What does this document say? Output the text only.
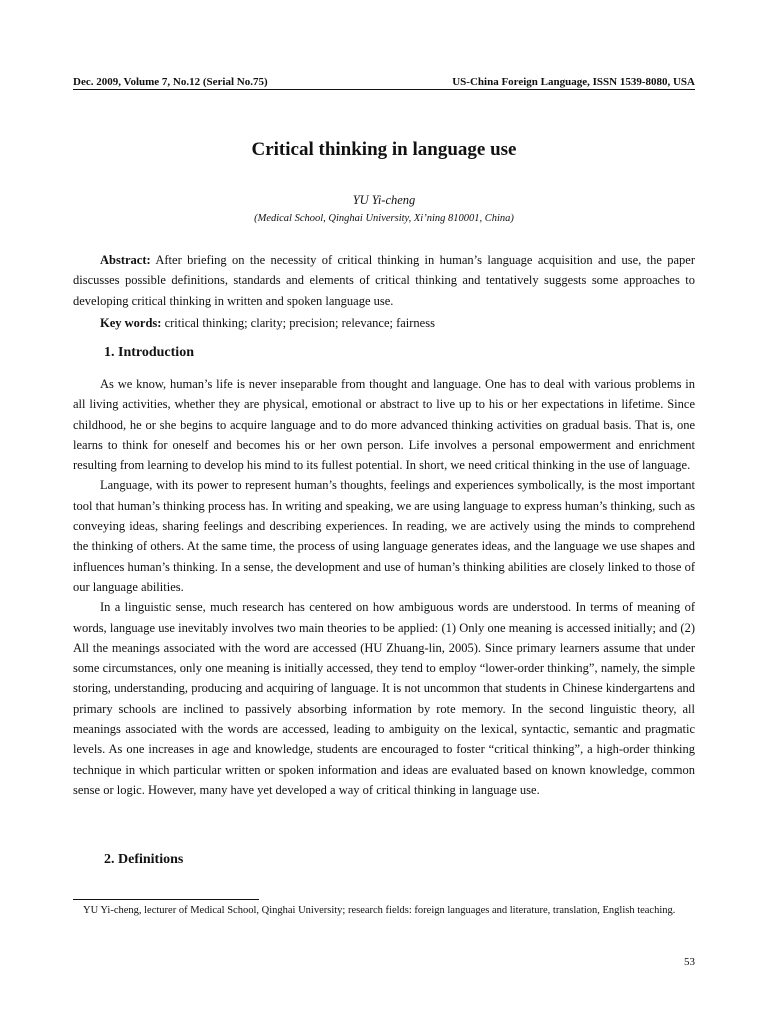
Dec. 2009, Volume 7, No.12 (Serial No.75)	US-China Foreign Language, ISSN 1539-8080, USA
Critical thinking in language use
YU Yi-cheng
(Medical School, Qinghai University, Xi’ning 810001, China)

Abstract: After briefing on the necessity of critical thinking in human’s language acquisition and use, the paper discusses possible definitions, standards and elements of critical thinking and tentatively suggests some approaches to developing critical thinking in written and spoken language use.

Key words: critical thinking; clarity; precision; relevance; fairness
1. Introduction

As we know, human’s life is never inseparable from thought and language. One has to deal with various problems in all living activities, whether they are physical, emotional or abstract to live up to his or her expectations in lifetime. Since childhood, he or she begins to acquire language and to do more advanced thinking activities on gradual basis. That is, one learns to think for oneself and becomes his or her own person. Life involves a personal empowerment and enrichment resulting from learning to develop his mind to its fullest potential. In short, we need critical thinking in the use of language.

Language, with its power to represent human’s thoughts, feelings and experiences symbolically, is the most important tool that human’s thinking process has. In writing and speaking, we are using language to express human’s thinking, such as conveying ideas, sharing feelings and describing experiences. In reading, we are actively using the minds to comprehend the thinking of others. At the same time, the process of using language generates ideas, and the language we use shapes and influences human’s thinking. In a sense, the development and use of human’s thinking abilities are closely linked to those of our language abilities.

In a linguistic sense, much research has centered on how ambiguous words are understood. In terms of meaning of words, language use inevitably involves two main theories to be applied: (1) Only one meaning is accessed initially; and (2) All the meanings associated with the word are accessed (HU Zhuang-lin, 2005). Since primary learners assume that under some circumstances, only one meaning is initially accessed, they tend to employ “lower-order thinking”, namely, the simple storing, understanding, producing and acquiring of language. It is not uncommon that students in Chinese kindergartens and primary schools are inclined to passively absorbing information by rote memory. In the second linguistic theory, all meanings associated with the words are accessed, leading to ambiguity on the lexical, syntactic, semantic and pragmatic levels. As one increases in age and knowledge, students are encouraged to foster “critical thinking”, a high-order thinking technique in which particular written or spoken information and ideas are evaluated based on known knowledge, common sense or logic. However, many have yet developed a way of critical thinking in language use.

2. Definitions

YU Yi-cheng, lecturer of Medical School, Qinghai University; research fields: foreign languages and literature, translation, English teaching.

53
